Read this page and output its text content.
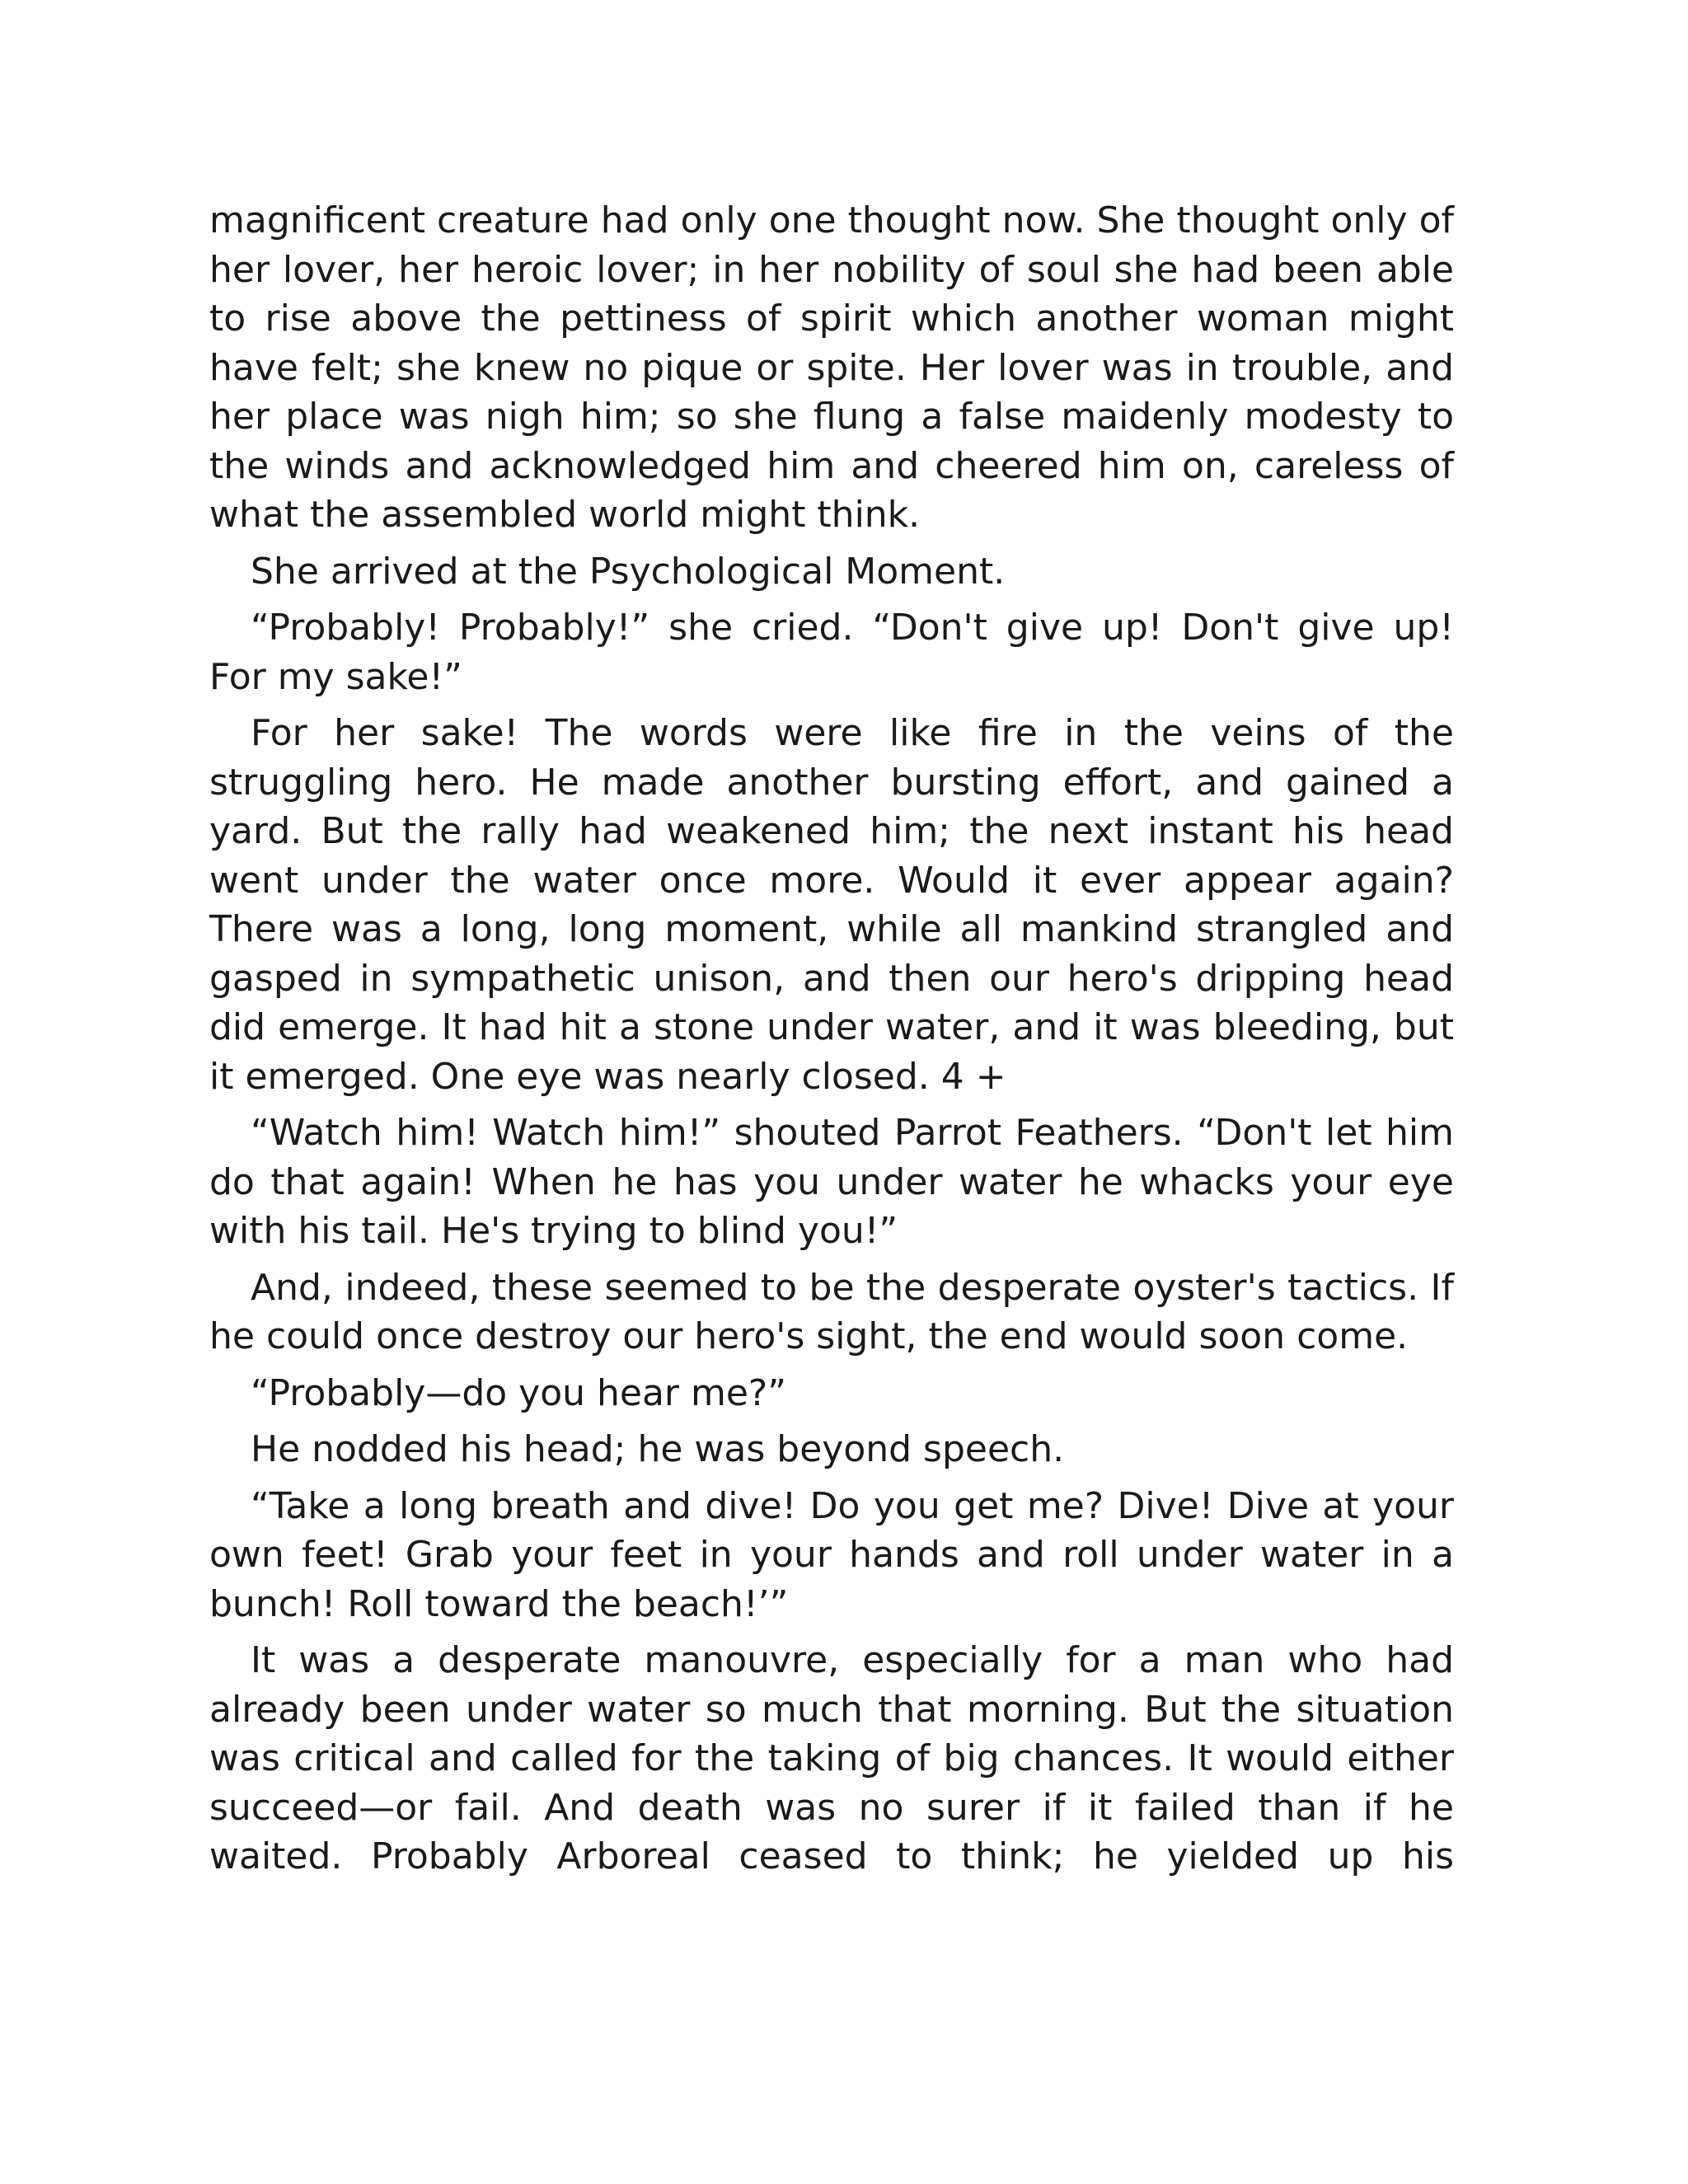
magnificent creature had only one thought now. She thought only of her lover, her heroic lover; in her nobility of soul she had been able to rise above the pettiness of spirit which another woman might have felt; she knew no pique or spite. Her lover was in trouble, and her place was nigh him; so she flung a false maidenly modesty to the winds and acknowledged him and cheered him on, careless of what the assembled world might think.

She arrived at the Psychological Moment.

“Probably! Probably!” she cried. “Don't give up! Don't give up! For my sake!”

For her sake! The words were like fire in the veins of the struggling hero. He made another bursting effort, and gained a yard. But the rally had weakened him; the next instant his head went under the water once more. Would it ever appear again? There was a long, long moment, while all mankind strangled and gasped in sympathetic unison, and then our hero's dripping head did emerge. It had hit a stone under water, and it was bleeding, but it emerged. One eye was nearly closed. 4 +

“Watch him! Watch him!” shouted Parrot Feathers. “Don't let him do that again! When he has you under water he whacks your eye with his tail. He's trying to blind you!”

And, indeed, these seemed to be the desperate oyster's tactics. If he could once destroy our hero's sight, the end would soon come.

“Probably—do you hear me?”

He nodded his head; he was beyond speech.

“Take a long breath and dive! Do you get me? Dive! Dive at your own feet! Grab your feet in your hands and roll under water in a bunch! Roll toward the beach!’”

It was a desperate manouvre, especially for a man who had already been under water so much that morning. But the situation was critical and called for the taking of big chances. It would either succeed—or fail. And death was no surer if it failed than if he waited. Probably Arboreal ceased to think; he yielded up his
